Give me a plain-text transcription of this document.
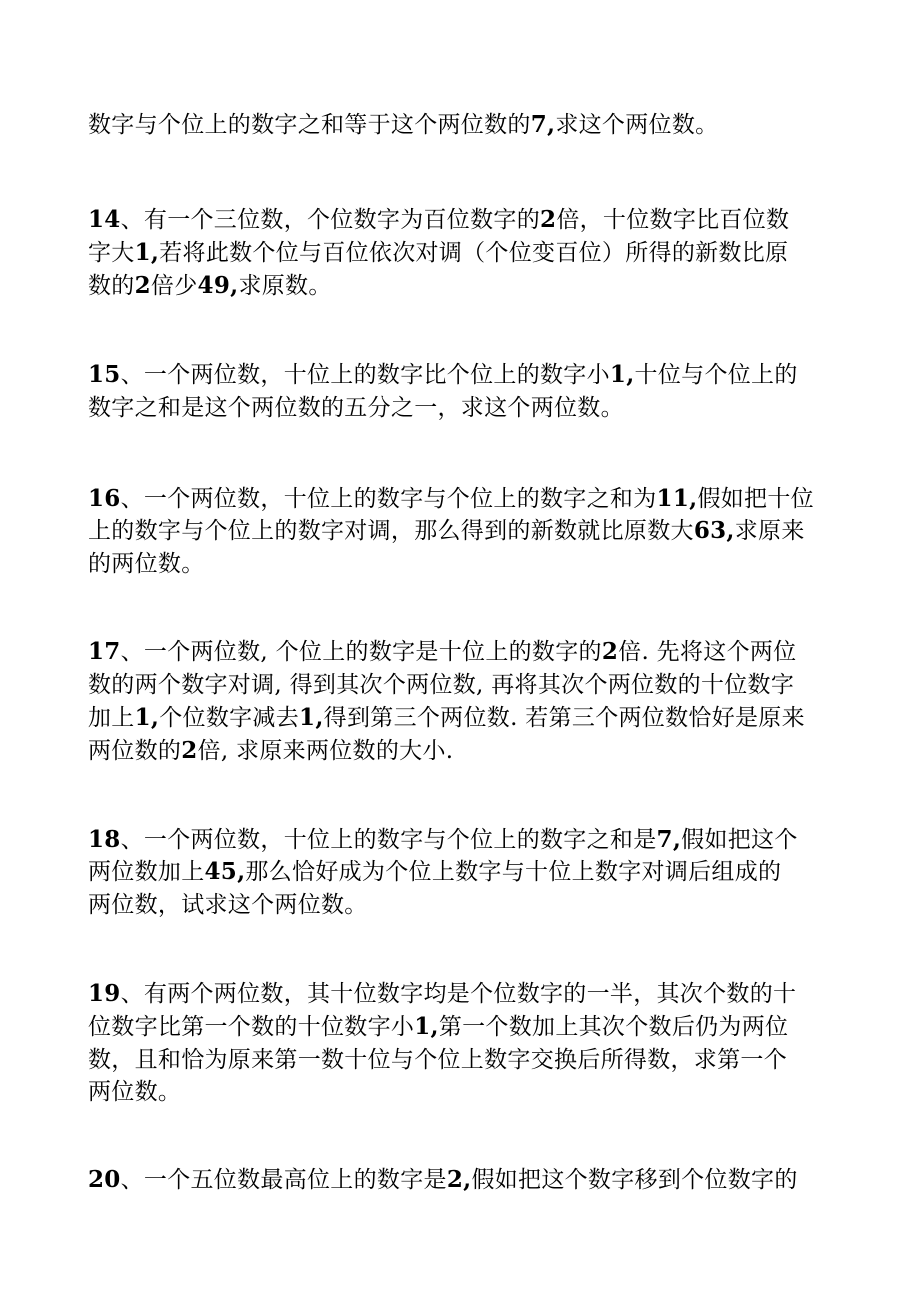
数字与个位上的数字之和等于这个两位数的7,求这个两位数。
14、有一个三位数，个位数字为百位数字的2倍，十位数字比百位数
字大1,若将此数个位与百位依次对调（个位变百位）所得的新数比原
数的2倍少49,求原数。
15、一个两位数，十位上的数字比个位上的数字小1,十位与个位上的
数字之和是这个两位数的五分之一，求这个两位数。
16、一个两位数，十位上的数字与个位上的数字之和为11,假如把十位
上的数字与个位上的数字对调，那么得到的新数就比原数大63,求原来
的两位数。
17、一个两位数, 个位上的数字是十位上的数字的2倍. 先将这个两位
数的两个数字对调, 得到其次个两位数, 再将其次个两位数的十位数字
加上1,个位数字减去1,得到第三个两位数. 若第三个两位数恰好是原来
两位数的2倍, 求原来两位数的大小.
18、一个两位数，十位上的数字与个位上的数字之和是7,假如把这个
两位数加上45,那么恰好成为个位上数字与十位上数字对调后组成的
两位数，试求这个两位数。
19、有两个两位数，其十位数字均是个位数字的一半，其次个数的十
位数字比第一个数的十位数字小1,第一个数加上其次个数后仍为两位
数，且和恰为原来第一数十位与个位上数字交换后所得数，求第一个
两位数。
20、一个五位数最高位上的数字是2,假如把这个数字移到个位数字的
